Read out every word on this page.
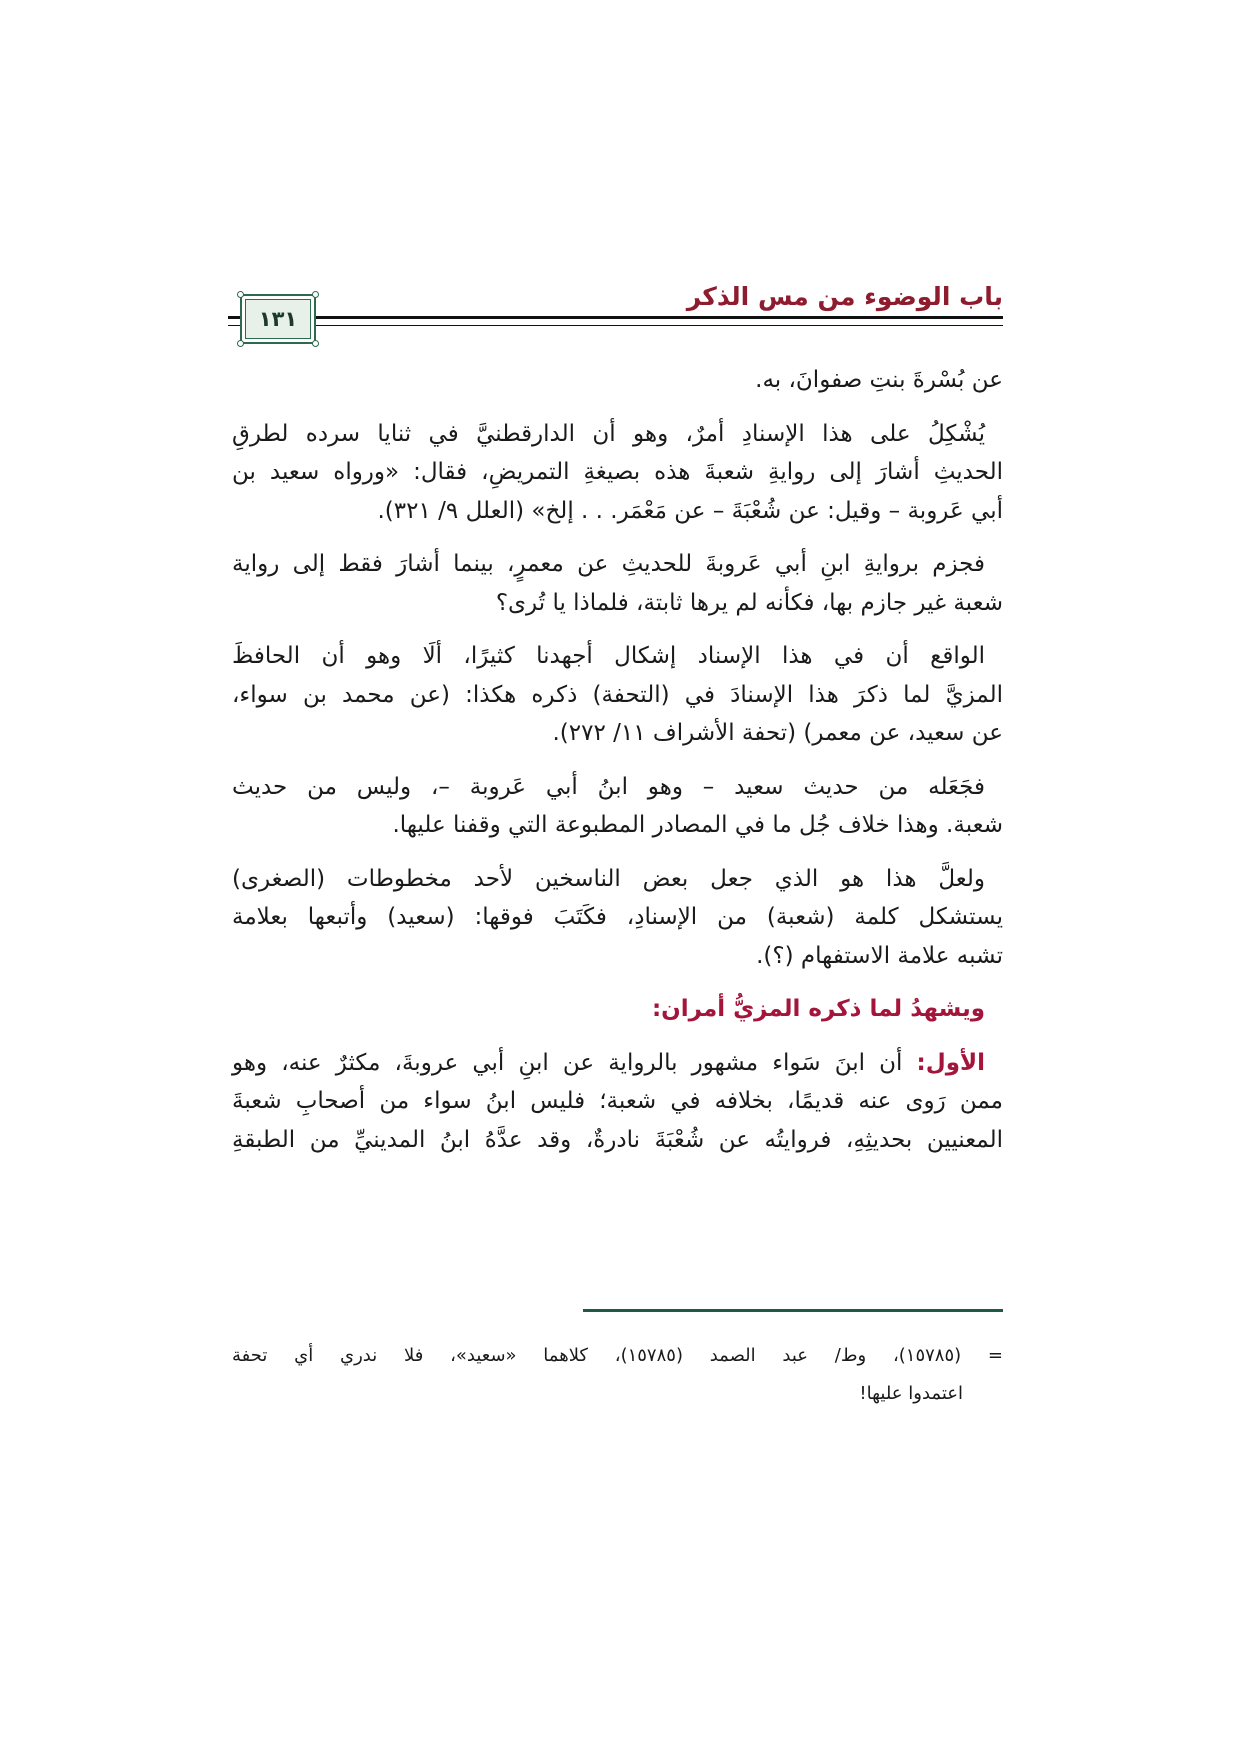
باب الوضوء من مس الذكر
١٣١
عن بُسْرةَ بنتِ صفوانَ، به.
يُشْكِلُ على هذا الإسنادِ أمرٌ، وهو أن الدارقطنيَّ في ثنايا سرده لطرقِ
الحديثِ أشارَ إلى روايةِ شعبةَ هذه بصيغةِ التمريضِ، فقال: «ورواه سعيد بن
أبي عَروبة – وقيل: عن شُعْبَةَ – عن مَعْمَر. . . إلخ» (العلل ٩/ ٣٢١).
فجزم بروايةِ ابنِ أبي عَروبةَ للحديثِ عن معمرٍ، بينما أشارَ فقط إلى رواية
شعبة غير جازم بها، فكأنه لم يرها ثابتة، فلماذا يا تُرى؟
الواقع أن في هذا الإسناد إشكال أجهدنا كثيرًا، ألَا وهو أن الحافظَ
المزيَّ لما ذكرَ هذا الإسنادَ في (التحفة) ذكره هكذا: (عن محمد بن سواء،
عن سعيد، عن معمر) (تحفة الأشراف ١١/ ٢٧٢).
فجَعَله من حديث سعيد – وهو ابنُ أبي عَروبة –، وليس من حديث
شعبة. وهذا خلاف جُل ما في المصادر المطبوعة التي وقفنا عليها.
ولعلَّ هذا هو الذي جعل بعض الناسخين لأحد مخطوطات (الصغرى)
يستشكل كلمة (شعبة) من الإسنادِ، فكَتَبَ فوقها: (سعيد) وأتبعها بعلامة
تشبه علامة الاستفهام (؟).
ويشهدُ لما ذكره المزيُّ أمران:
الأول: أن ابنَ سَواء مشهور بالرواية عن ابنِ أبي عروبةَ، مكثرٌ عنه، وهو
ممن رَوى عنه قديمًا، بخلافه في شعبة؛ فليس ابنُ سواء من أصحابِ شعبةَ
المعنيين بحديثِهِ، فروايتُه عن شُعْبَةَ نادرةٌ، وقد عدَّهُ ابنُ المدينيِّ من الطبقةِ
= (١٥٧٨٥)، وط/ عبد الصمد (١٥٧٨٥)، كلاهما «سعيد»، فلا ندري أي تحفة
اعتمدوا عليها!
